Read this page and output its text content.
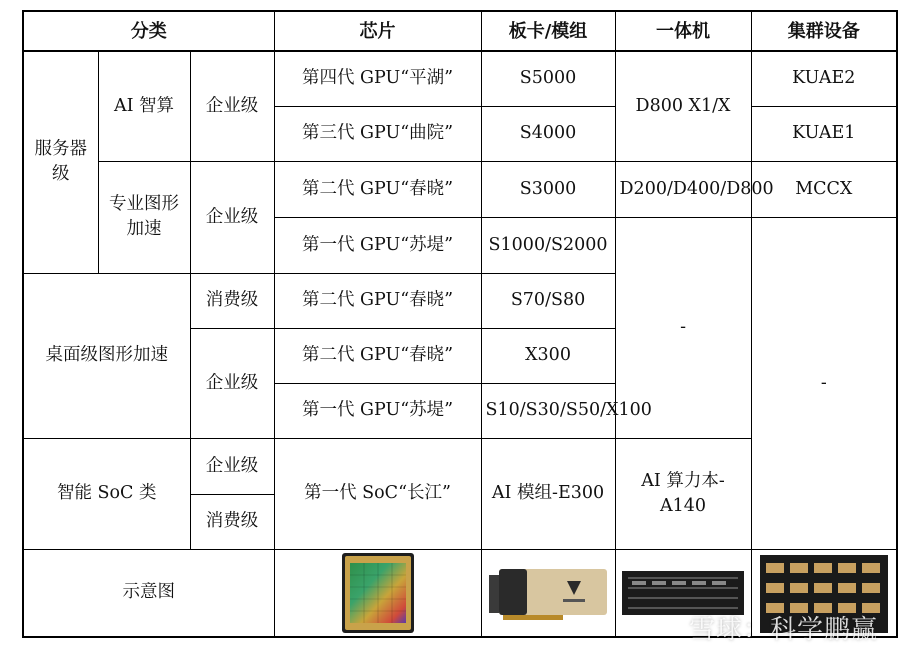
分类			芯片	板卡/模组	一体机	集群设备
服务器级	AI 智算	企业级	第四代 GPU“平湖”	S5000	D800 X1/X	KUAE2
			第三代 GPU“曲院”	S4000		KUAE1
	专业图形加速	企业级	第二代 GPU“春晓”	S3000	D200/D400/D800	MCCX
			第一代 GPU“苏堤”	S1000/S2000	-	-
桌面级图形加速		消费级	第二代 GPU“春晓”	S70/S80		
		企业级	第二代 GPU“春晓”	X300		
			第一代 GPU“苏堤”	S10/S30/S50/X100		
智能 SoC 类		企业级	第一代 SoC“长江”	AI 模组-E300	AI 算力本-A140	
		消费级				
示意图	

雪球：科学鹏赢
